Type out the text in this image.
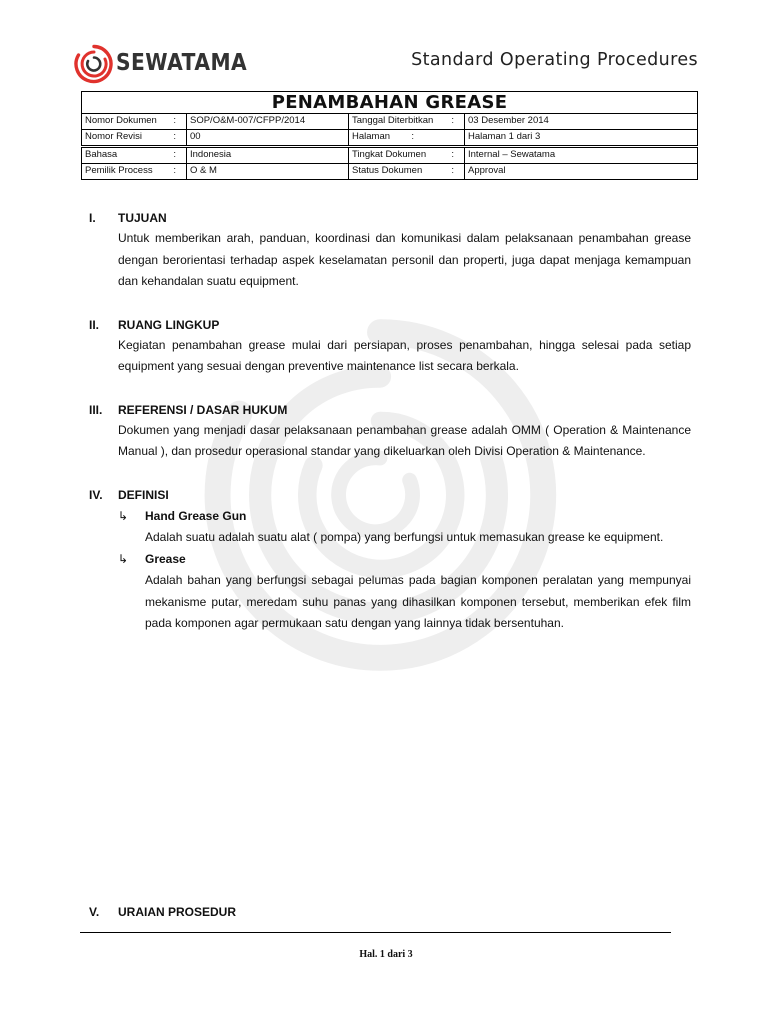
SEWATAMA	Standard Operating Procedures
PENAMBAHAN GREASE			
Nomor Dokumen :	SOP/O&M-007/CFPP/2014	Tanggal Diterbitkan :	03 Desember 2014
Nomor Revisi :	00	Halaman :	Halaman 1 dari 3
Bahasa :	Indonesia	Tingkat Dokumen :	Internal – Sewatama
Pemilik Process :	O & M	Status Dokumen :	Approval
I.	TUJUAN
Untuk memberikan arah, panduan, koordinasi dan komunikasi dalam pelaksanaan penambahan grease dengan berorientasi terhadap aspek keselamatan personil dan properti, juga dapat menjaga kemampuan dan kehandalan suatu equipment.
II.	RUANG LINGKUP
Kegiatan penambahan grease mulai dari persiapan, proses penambahan, hingga selesai pada setiap equipment yang sesuai dengan preventive maintenance list secara berkala.
III.	REFERENSI / DASAR HUKUM
Dokumen yang menjadi dasar pelaksanaan penambahan grease adalah OMM ( Operation & Maintenance Manual ), dan prosedur operasional standar yang dikeluarkan oleh Divisi Operation & Maintenance.
IV.	DEFINISI
↳	Hand Grease Gun
Adalah suatu adalah suatu alat ( pompa) yang berfungsi untuk memasukan grease ke equipment.
↳	Grease
Adalah bahan yang berfungsi sebagai pelumas pada bagian komponen peralatan yang mempunyai mekanisme putar, meredam suhu panas yang dihasilkan komponen tersebut, memberikan efek film pada komponen agar permukaan satu dengan yang lainnya tidak bersentuhan.
V.	URAIAN PROSEDUR
Hal. 1 dari 3
